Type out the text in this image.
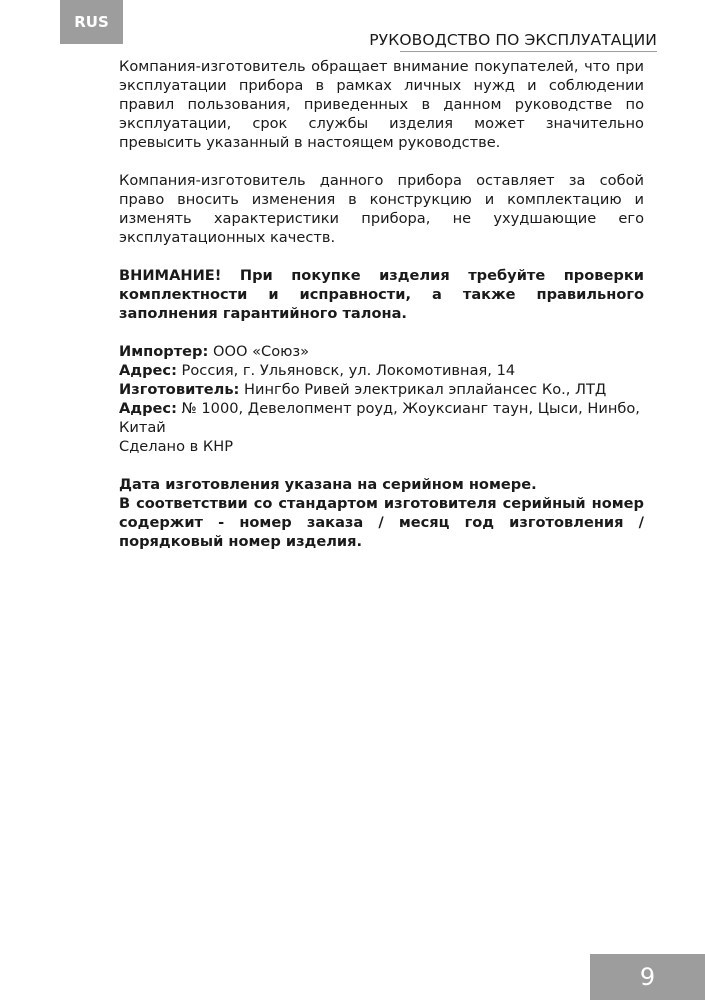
RUS
РУКОВОДСТВО ПО ЭКСПЛУАТАЦИИ

Компания-изготовитель обращает внимание покупателей, что при эксплуатации прибора в рамках личных нужд и соблюдении правил пользования, приведенных в данном руководстве по эксплуатации, срок службы изделия может значительно превысить указанный в настоящем руководстве.

Компания-изготовитель данного прибора оставляет за собой право вносить изменения в конструкцию и комплектацию и изменять характеристики прибора, не ухудшающие его эксплуатационных качеств.

ВНИМАНИЕ! При покупке изделия требуйте проверки комплектности и исправности, а также правильного заполнения гарантийного талона.

Импортер: ООО «Союз»
Адрес: Россия, г. Ульяновск, ул. Локомотивная, 14
Изготовитель: Нингбо Ривей электрикал эплайансес Ко., ЛТД
Адрес: № 1000, Девелопмент роуд, Жоуксианг таун, Цыси, Нинбо, Китай
Сделано в КНР

Дата изготовления указана на серийном номере.

В соответствии со стандартом изготовителя серийный номер содержит - номер заказа / месяц год изготовления / порядковый номер изделия.

9
